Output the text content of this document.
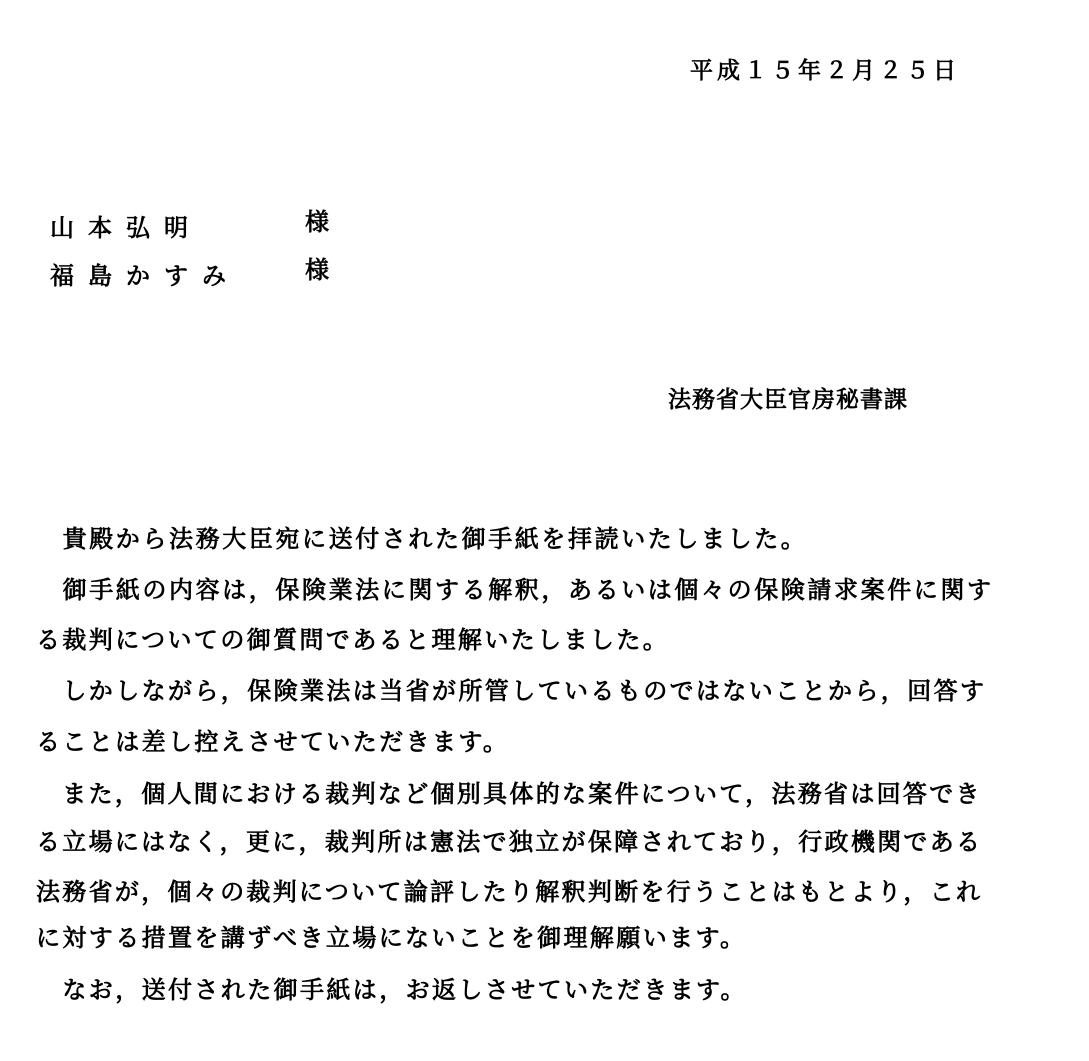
平成１５年２月２５日
山本弘明	様
福島かすみ	様
法務省大臣官房秘書課
　貴殿から法務大臣宛に送付された御手紙を拝読いたしました。
　御手紙の内容は，保険業法に関する解釈，あるいは個々の保険請求案件に関す
る裁判についての御質問であると理解いたしました。
　しかしながら，保険業法は当省が所管しているものではないことから，回答す
ることは差し控えさせていただきます。
　また，個人間における裁判など個別具体的な案件について，法務省は回答でき
る立場にはなく，更に，裁判所は憲法で独立が保障されており，行政機関である
法務省が，個々の裁判について論評したり解釈判断を行うことはもとより，これ
に対する措置を講ずべき立場にないことを御理解願います。
　なお，送付された御手紙は，お返しさせていただきます。
